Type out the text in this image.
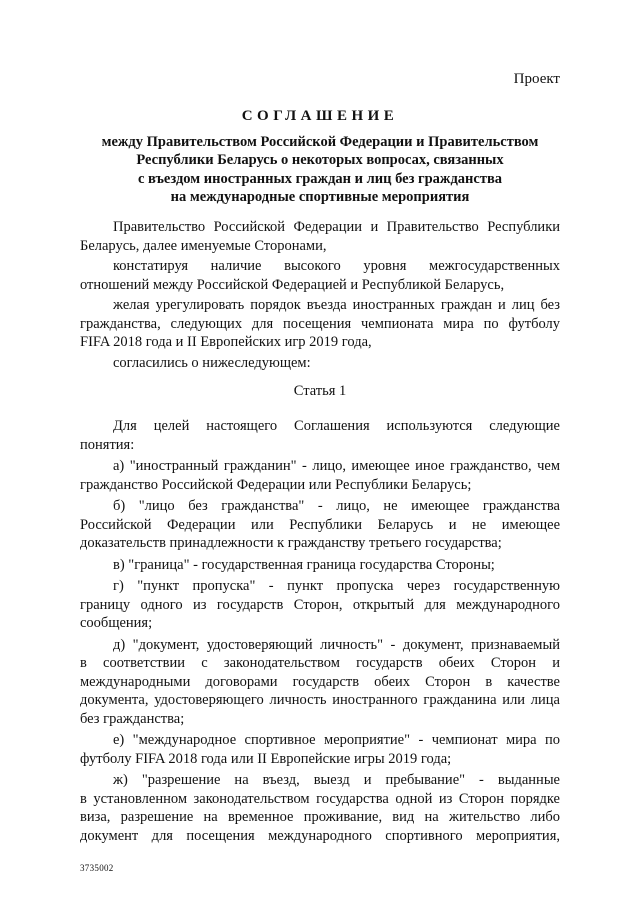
Проект
СОГЛАШЕНИЕ
между Правительством Российской Федерации и Правительством
Республики Беларусь о некоторых вопросах, связанных
с въездом иностранных граждан и лиц без гражданства
на международные спортивные мероприятия
Правительство Российской Федерации и Правительство Республики
Беларусь, далее именуемые Сторонами,
констатируя наличие высокого уровня межгосударственных
отношений между Российской Федерацией и Республикой Беларусь,
желая урегулировать порядок въезда иностранных граждан и лиц без
гражданства, следующих для посещения чемпионата мира по футболу
FIFA 2018 года и II Европейских игр 2019 года,
согласились о нижеследующем:
Статья 1
Для целей настоящего Соглашения используются следующие
понятия:
а) "иностранный гражданин" - лицо, имеющее иное гражданство, чем
гражданство Российской Федерации или Республики Беларусь;
б) "лицо без гражданства" - лицо, не имеющее гражданства
Российской Федерации или Республики Беларусь и не имеющее
доказательств принадлежности к гражданству третьего государства;
в) "граница" - государственная граница государства Стороны;
г) "пункт пропуска" - пункт пропуска через государственную
границу одного из государств Сторон, открытый для международного
сообщения;
д) "документ, удостоверяющий личность" - документ, признаваемый
в соответствии с законодательством государств обеих Сторон и
международными договорами государств обеих Сторон в качестве
документа, удостоверяющего личность иностранного гражданина или лица
без гражданства;
е) "международное спортивное мероприятие" - чемпионат мира по
футболу FIFA 2018 года или II Европейские игры 2019 года;
ж) "разрешение на въезд, выезд и пребывание" - выданные
в установленном законодательством государства одной из Сторон порядке
виза, разрешение на временное проживание, вид на жительство либо
документ для посещения международного спортивного мероприятия,
3735002
